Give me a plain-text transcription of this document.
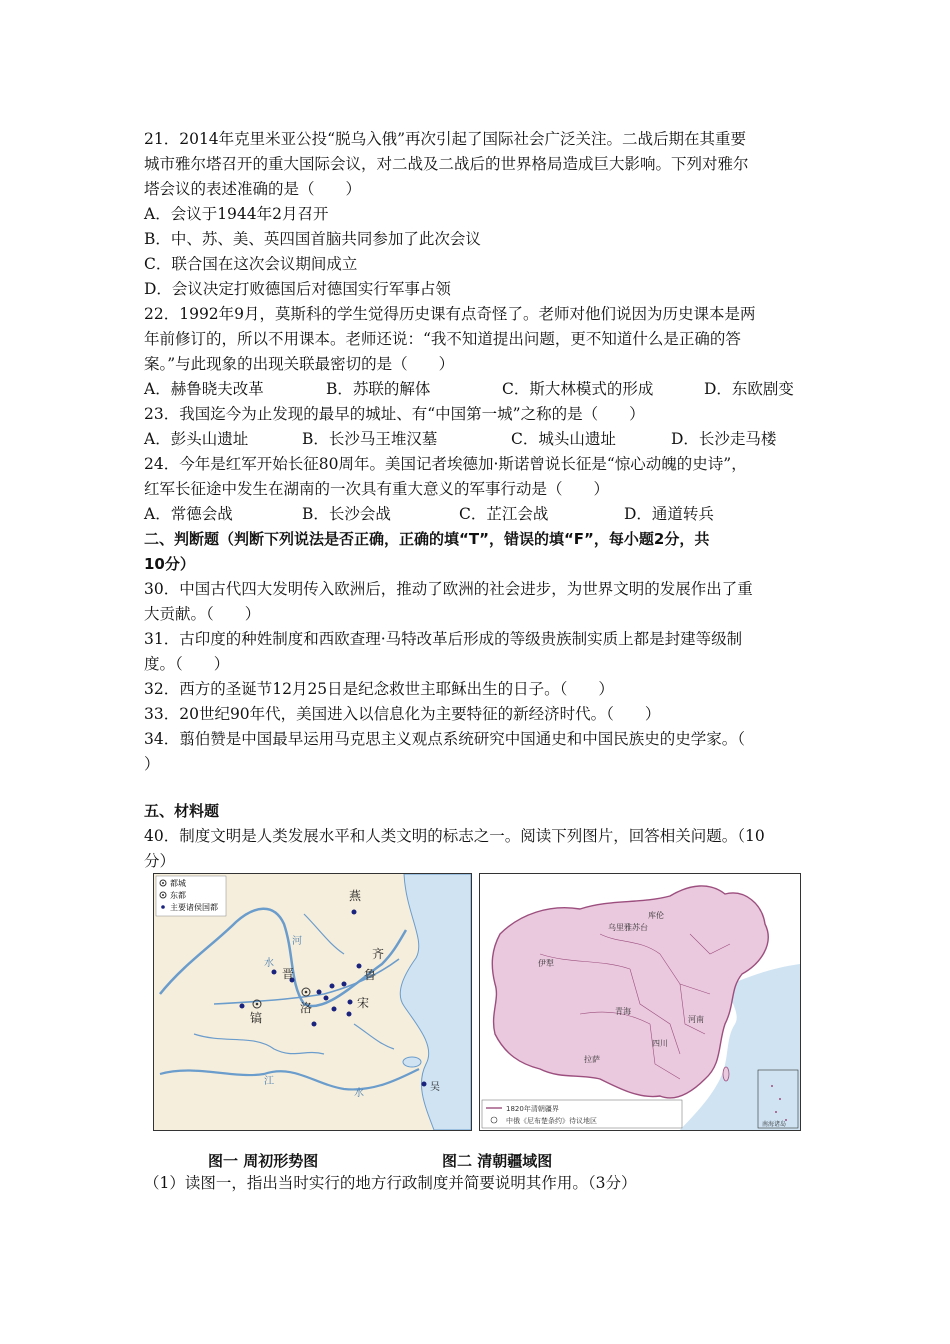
21．2014年克里米亚公投“脱乌入俄”再次引起了国际社会广泛关注。二战后期在其重要
城市雅尔塔召开的重大国际会议，对二战及二战后的世界格局造成巨大影响。下列对雅尔
塔会议的表述准确的是（　　）
A．会议于1944年2月召开
B．中、苏、美、英四国首脑共同参加了此次会议
C．联合国在这次会议期间成立
D．会议决定打败德国后对德国实行军事占领
22．1992年9月，莫斯科的学生觉得历史课有点奇怪了。老师对他们说因为历史课本是两
年前修订的，所以不用课本。老师还说：“我不知道提出问题，更不知道什么是正确的答
案。”与此现象的出现关联最密切的是（　　）
A．赫鲁晓夫改革	B．苏联的解体	C．斯大林模式的形成	D．东欧剧变
23．我国迄今为止发现的最早的城址、有“中国第一城”之称的是（　　）
A．彭头山遗址	B．长沙马王堆汉墓	C．城头山遗址	D．长沙走马楼
24．今年是红军开始长征80周年。美国记者埃德加·斯诺曾说长征是“惊心动魄的史诗”，
红军长征途中发生在湖南的一次具有重大意义的军事行动是（　　）
A．常德会战	B．长沙会战	C．芷江会战	D．通道转兵
二、判断题（判断下列说法是否正确，正确的填“T”，错误的填“F”，每小题2分，共
10分）
30．中国古代四大发明传入欧洲后，推动了欧洲的社会进步，为世界文明的发展作出了重
大贡献。（　　）
31．古印度的种姓制度和西欧查理·马特改革后形成的等级贵族制实质上都是封建等级制
度。（　　）
32．西方的圣诞节12月25日是纪念救世主耶稣出生的日子。（　　）
33．20世纪90年代，美国进入以信息化为主要特征的新经济时代。（　　）
34．翦伯赞是中国最早运用马克思主义观点系统研究中国通史和中国民族史的史学家。（
）
五、材料题
40．制度文明是人类发展水平和人类文明的标志之一。阅读下列图片，回答相关问题。（10
分）
都城
东都
主要诸侯国都
燕
齐
鲁
宋
晋
洛
镐
吴
河
水
江
水
南海诸岛
1820年清朝疆界
中俄《尼布楚条约》待议地区
伊犁
乌里雅苏台
库伦
拉萨
青海
四川
河南
图一 周初形势图	图二 清朝疆域图
（1）读图一，指出当时实行的地方行政制度并简要说明其作用。（3分）
